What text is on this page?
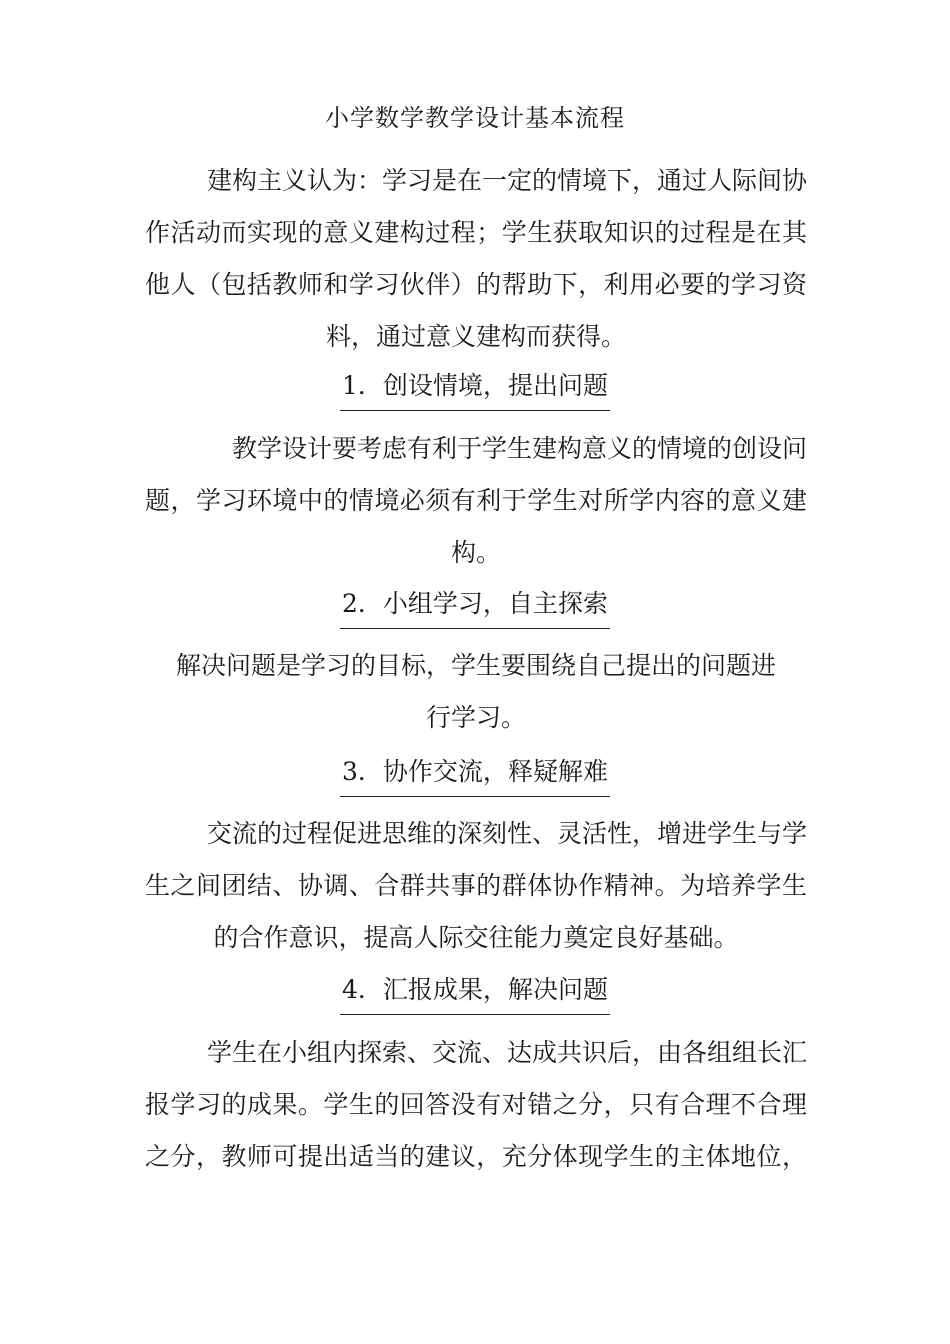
小学数学教学设计基本流程
建构主义认为：学习是在一定的情境下，通过人际间协
作活动而实现的意义建构过程；学生获取知识的过程是在其
他人（包括教师和学习伙伴）的帮助下，利用必要的学习资
料，通过意义建构而获得。
1．创设情境，提出问题
教学设计要考虑有利于学生建构意义的情境的创设问
题，学习环境中的情境必须有利于学生对所学内容的意义建
构。
2．小组学习，自主探索
解决问题是学习的目标，学生要围绕自己提出的问题进
行学习。
3．协作交流，释疑解难
交流的过程促进思维的深刻性、灵活性，增进学生与学
生之间团结、协调、合群共事的群体协作精神。为培养学生
的合作意识，提高人际交往能力奠定良好基础。
4．汇报成果，解决问题
学生在小组内探索、交流、达成共识后，由各组组长汇
报学习的成果。学生的回答没有对错之分，只有合理不合理
之分，教师可提出适当的建议，充分体现学生的主体地位，
